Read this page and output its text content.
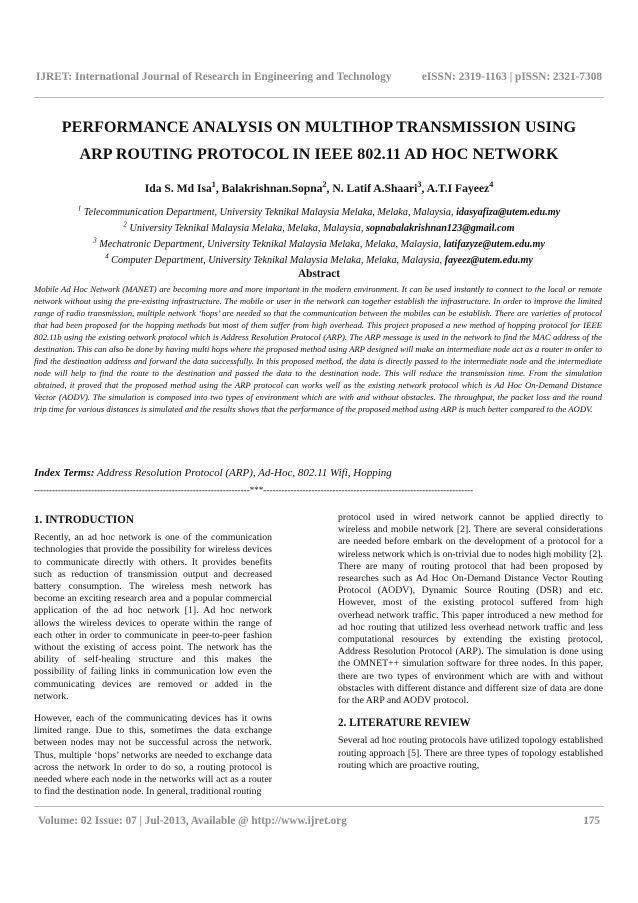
IJRET: International Journal of Research in Engineering and Technology	eISSN: 2319-1163 | pISSN: 2321-7308
PERFORMANCE ANALYSIS ON MULTIHOP TRANSMISSION USING
ARP ROUTING PROTOCOL IN IEEE 802.11 AD HOC NETWORK
Ida S. Md Isa$^1$, Balakrishnan.Sopna$^2$, N. Latif A.Shaari$^3$, A.T.I Fayeez$^4$
$^1$ Telecommunication Department, University Teknikal Malaysia Melaka, Melaka, Malaysia, idasyafiza@utem.edu.my
$^2$ University Teknikal Malaysia Melaka, Melaka, Malaysia, sopnabalakrishnan123@gmail.com
$^3$ Mechatronic Department, University Teknikal Malaysia Melaka, Melaka, Malaysia, latifazyze@utem.edu.my
$^4$ Computer Department, University Teknikal Malaysia Melaka, Melaka, Malaysia, fayeez@utem.edu.my
Abstract
Mobile Ad Hoc Network (MANET) are becoming more and more important in the modern environment. It can be used instantly to connect to the local or remote network without using the pre-existing infrastructure. The mobile or user in the network can together establish the infrastructure. In order to improve the limited range of radio transmission, multiple network ‘hops’ are needed so that the communication between the mobiles can be establish. There are varieties of protocol that had been proposed for the hopping methods but most of them suffer from high overhead. This project proposed a new method of hopping protocol for IEEE 802.11b using the existing network protocol which is Address Resolution Protocol (ARP). The ARP message is used in the network to find the MAC address of the destination. This can also be done by having multi hops where the proposed method using ARP designed will make an intermediate node act as a router in order to find the destination address and forward the data successfully. In this proposed method, the data is directly passed to the intermediate node and the intermediate node will help to find the route to the destination and passed the data to the destination node. This will reduce the transmission time. From the simulation obtained, it proved that the proposed method using the ARP protocol can works well as the existing network protocol which is Ad Hoc On-Demand Distance Vector (AODV). The simulation is composed into two types of environment which are with and without obstacles. The throughput, the packet loss and the round trip time for various distances is simulated and the results shows that the performance of the proposed method using ARP is much better compared to the AODV.
Index Terms: Address Resolution Protocol (ARP), Ad-Hoc, 802.11 Wifi, Hopping
------------------------------------------------------------------------***----------------------------------------------------------------------
1. INTRODUCTION

Recently, an ad hoc network is one of the communication technologies that provide the possibility for wireless devices to communicate directly with others. It provides benefits such as reduction of transmission output and decreased battery consumption. The wireless mesh network has become an exciting research area and a popular commercial application of the ad hoc network [1]. Ad hoc network allows the wireless devices to operate within the range of each other in order to communicate in peer-to-peer fashion without the existing of access point. The network has the ability of self-healing structure and this makes the possibility of failing links in communication low even the communicating devices are removed or added in the network.

However, each of the communicating devices has it owns limited range. Due to this, sometimes the data exchange between nodes may not be successful across the network. Thus, multiple ‘hops’ networks are needed to exchange data across the network In order to do so, a routing protocol is needed where each node in the networks will act as a router to find the destination node. In general, traditional routing

protocol used in wired network cannot be applied directly to wireless and mobile network [2]. There are several considerations are needed before embark on the development of a protocol for a wireless network which is on-trivial due to nodes high mobility [2]. There are many of routing protocol that had been proposed by researches such as Ad Hoc On-Demand Distance Vector Routing Protocol (AODV), Dynamic Source Routing (DSR) and etc. However, most of the existing protocol suffered from high overhead network traffic. This paper introduced a new method for ad hoc routing that utilized less overhead network traffic and less computational resources by extending the existing protocol, Address Resolution Protocol (ARP). The simulation is done using the OMNET++ simulation software for three nodes. In this paper, there are two types of environment which are with and without obstacles with different distance and different size of data are done for the ARP and AODV protocol.

2. LITERATURE REVIEW

Several ad hoc routing protocols have utilized topology established routing approach [5]. There are three types of topology established routing which are proactive routing,

Volume: 02 Issue: 07 | Jul-2013, Available @ http://www.ijret.org	175
